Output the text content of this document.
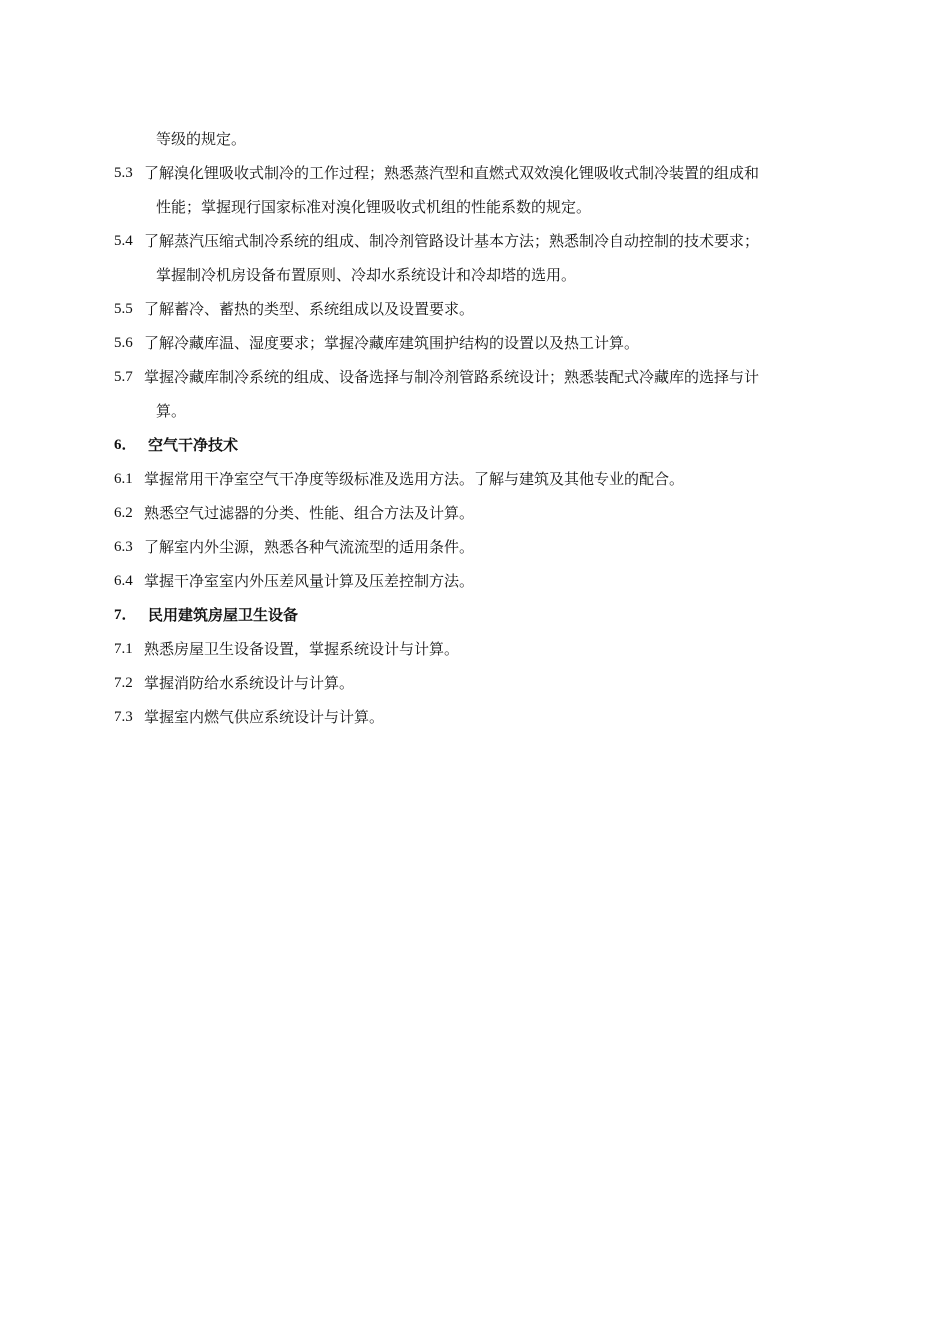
等级的规定。
5.3 了解溴化锂吸收式制冷的工作过程；熟悉蒸汽型和直燃式双效溴化锂吸收式制冷装置的组成和
性能；掌握现行国家标准对溴化锂吸收式机组的性能系数的规定。
5.4 了解蒸汽压缩式制冷系统的组成、制冷剂管路设计基本方法；熟悉制冷自动控制的技术要求；
掌握制冷机房设备布置原则、冷却水系统设计和冷却塔的选用。
5.5 了解蓄冷、蓄热的类型、系统组成以及设置要求。
5.6 了解冷藏库温、湿度要求；掌握冷藏库建筑围护结构的设置以及热工计算。
5.7 掌握冷藏库制冷系统的组成、设备选择与制冷剂管路系统设计；熟悉装配式冷藏库的选择与计
算。
6． 空气干净技术
6.1 掌握常用干净室空气干净度等级标准及选用方法。了解与建筑及其他专业的配合。
6.2 熟悉空气过滤器的分类、性能、组合方法及计算。
6.3 了解室内外尘源，熟悉各种气流流型的适用条件。
6.4 掌握干净室室内外压差风量计算及压差控制方法。
7． 民用建筑房屋卫生设备
7.1 熟悉房屋卫生设备设置，掌握系统设计与计算。
7.2 掌握消防给水系统设计与计算。
7.3 掌握室内燃气供应系统设计与计算。
